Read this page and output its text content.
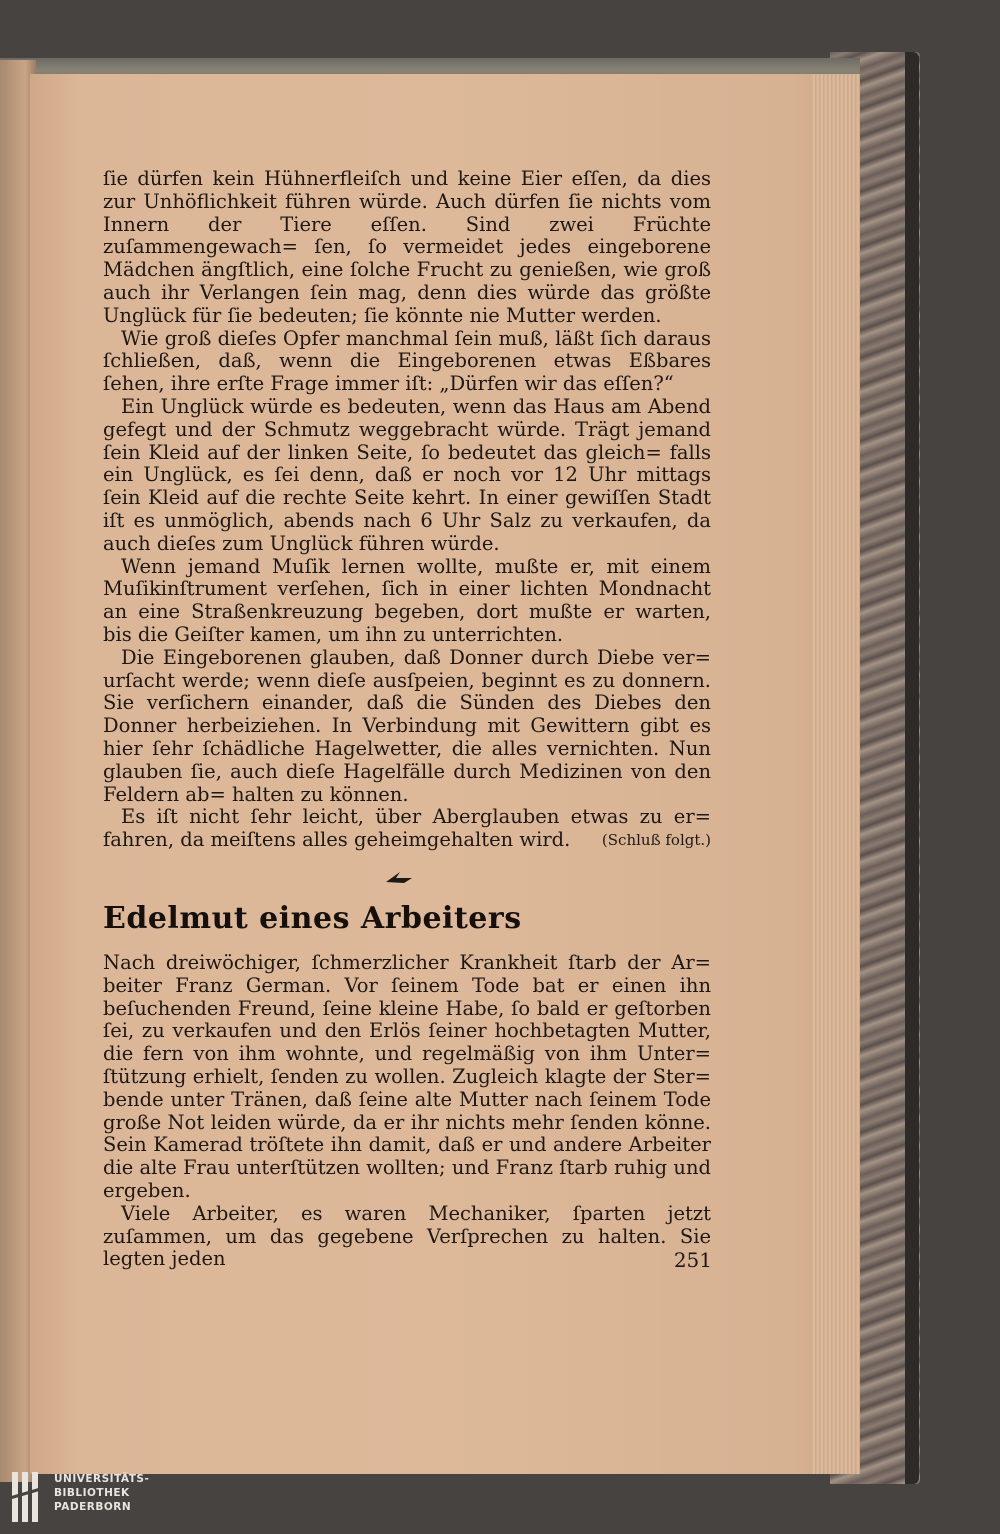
ſie dürfen kein Hühnerfleiſch und keine Eier eſſen, da dies zur Unhöflichkeit führen würde. Auch dürfen ſie nichts vom Innern der Tiere eſſen. Sind zwei Früchte zuſammengewach= ſen, ſo vermeidet jedes eingeborene Mädchen ängſtlich, eine ſolche Frucht zu genießen, wie groß auch ihr Verlangen ſein mag, denn dies würde das größte Unglück für ſie bedeuten; ſie könnte nie Mutter werden.

Wie groß dieſes Opfer manchmal ſein muß, läßt ſich daraus ſchließen, daß, wenn die Eingeborenen etwas Eßbares ſehen, ihre erſte Frage immer iſt: „Dürfen wir das eſſen?“

Ein Unglück würde es bedeuten, wenn das Haus am Abend gefegt und der Schmutz weggebracht würde. Trägt jemand ſein Kleid auf der linken Seite, ſo bedeutet das gleich= falls ein Unglück, es ſei denn, daß er noch vor 12 Uhr mittags ſein Kleid auf die rechte Seite kehrt. In einer gewiſſen Stadt iſt es unmöglich, abends nach 6 Uhr Salz zu verkaufen, da auch dieſes zum Unglück führen würde.

Wenn jemand Muſik lernen wollte, mußte er, mit einem Muſikinſtrument verſehen, ſich in einer lichten Mondnacht an eine Straßenkreuzung begeben, dort mußte er warten, bis die Geiſter kamen, um ihn zu unterrichten.

Die Eingeborenen glauben, daß Donner durch Diebe ver= urſacht werde; wenn dieſe ausſpeien, beginnt es zu donnern. Sie verſichern einander, daß die Sünden des Diebes den Donner herbeiziehen. In Verbindung mit Gewittern gibt es hier ſehr ſchädliche Hagelwetter, die alles vernichten. Nun glauben ſie, auch dieſe Hagelfälle durch Medizinen von den Feldern ab= halten zu können.

Es iſt nicht ſehr leicht, über Aberglauben etwas zu er= fahren, da meiſtens alles geheimgehalten wird.	(Schluß folgt.)

Edelmut eines Arbeiters

Nach dreiwöchiger, ſchmerzlicher Krankheit ſtarb der Ar= beiter Franz German. Vor ſeinem Tode bat er einen ihn beſuchenden Freund, ſeine kleine Habe, ſo bald er geſtorben ſei, zu verkaufen und den Erlös ſeiner hochbetagten Mutter, die fern von ihm wohnte, und regelmäßig von ihm Unter= ſtützung erhielt, ſenden zu wollen. Zugleich klagte der Ster= bende unter Tränen, daß ſeine alte Mutter nach ſeinem Tode große Not leiden würde, da er ihr nichts mehr ſenden könne. Sein Kamerad tröſtete ihn damit, daß er und andere Arbeiter die alte Frau unterſtützen wollten; und Franz ſtarb ruhig und ergeben.

Viele Arbeiter, es waren Mechaniker, ſparten jetzt zuſammen, um das gegebene Verſprechen zu halten. Sie legten jeden	251
UNIVERSITÄTS-
BIBLIOTHEK
PADERBORN
